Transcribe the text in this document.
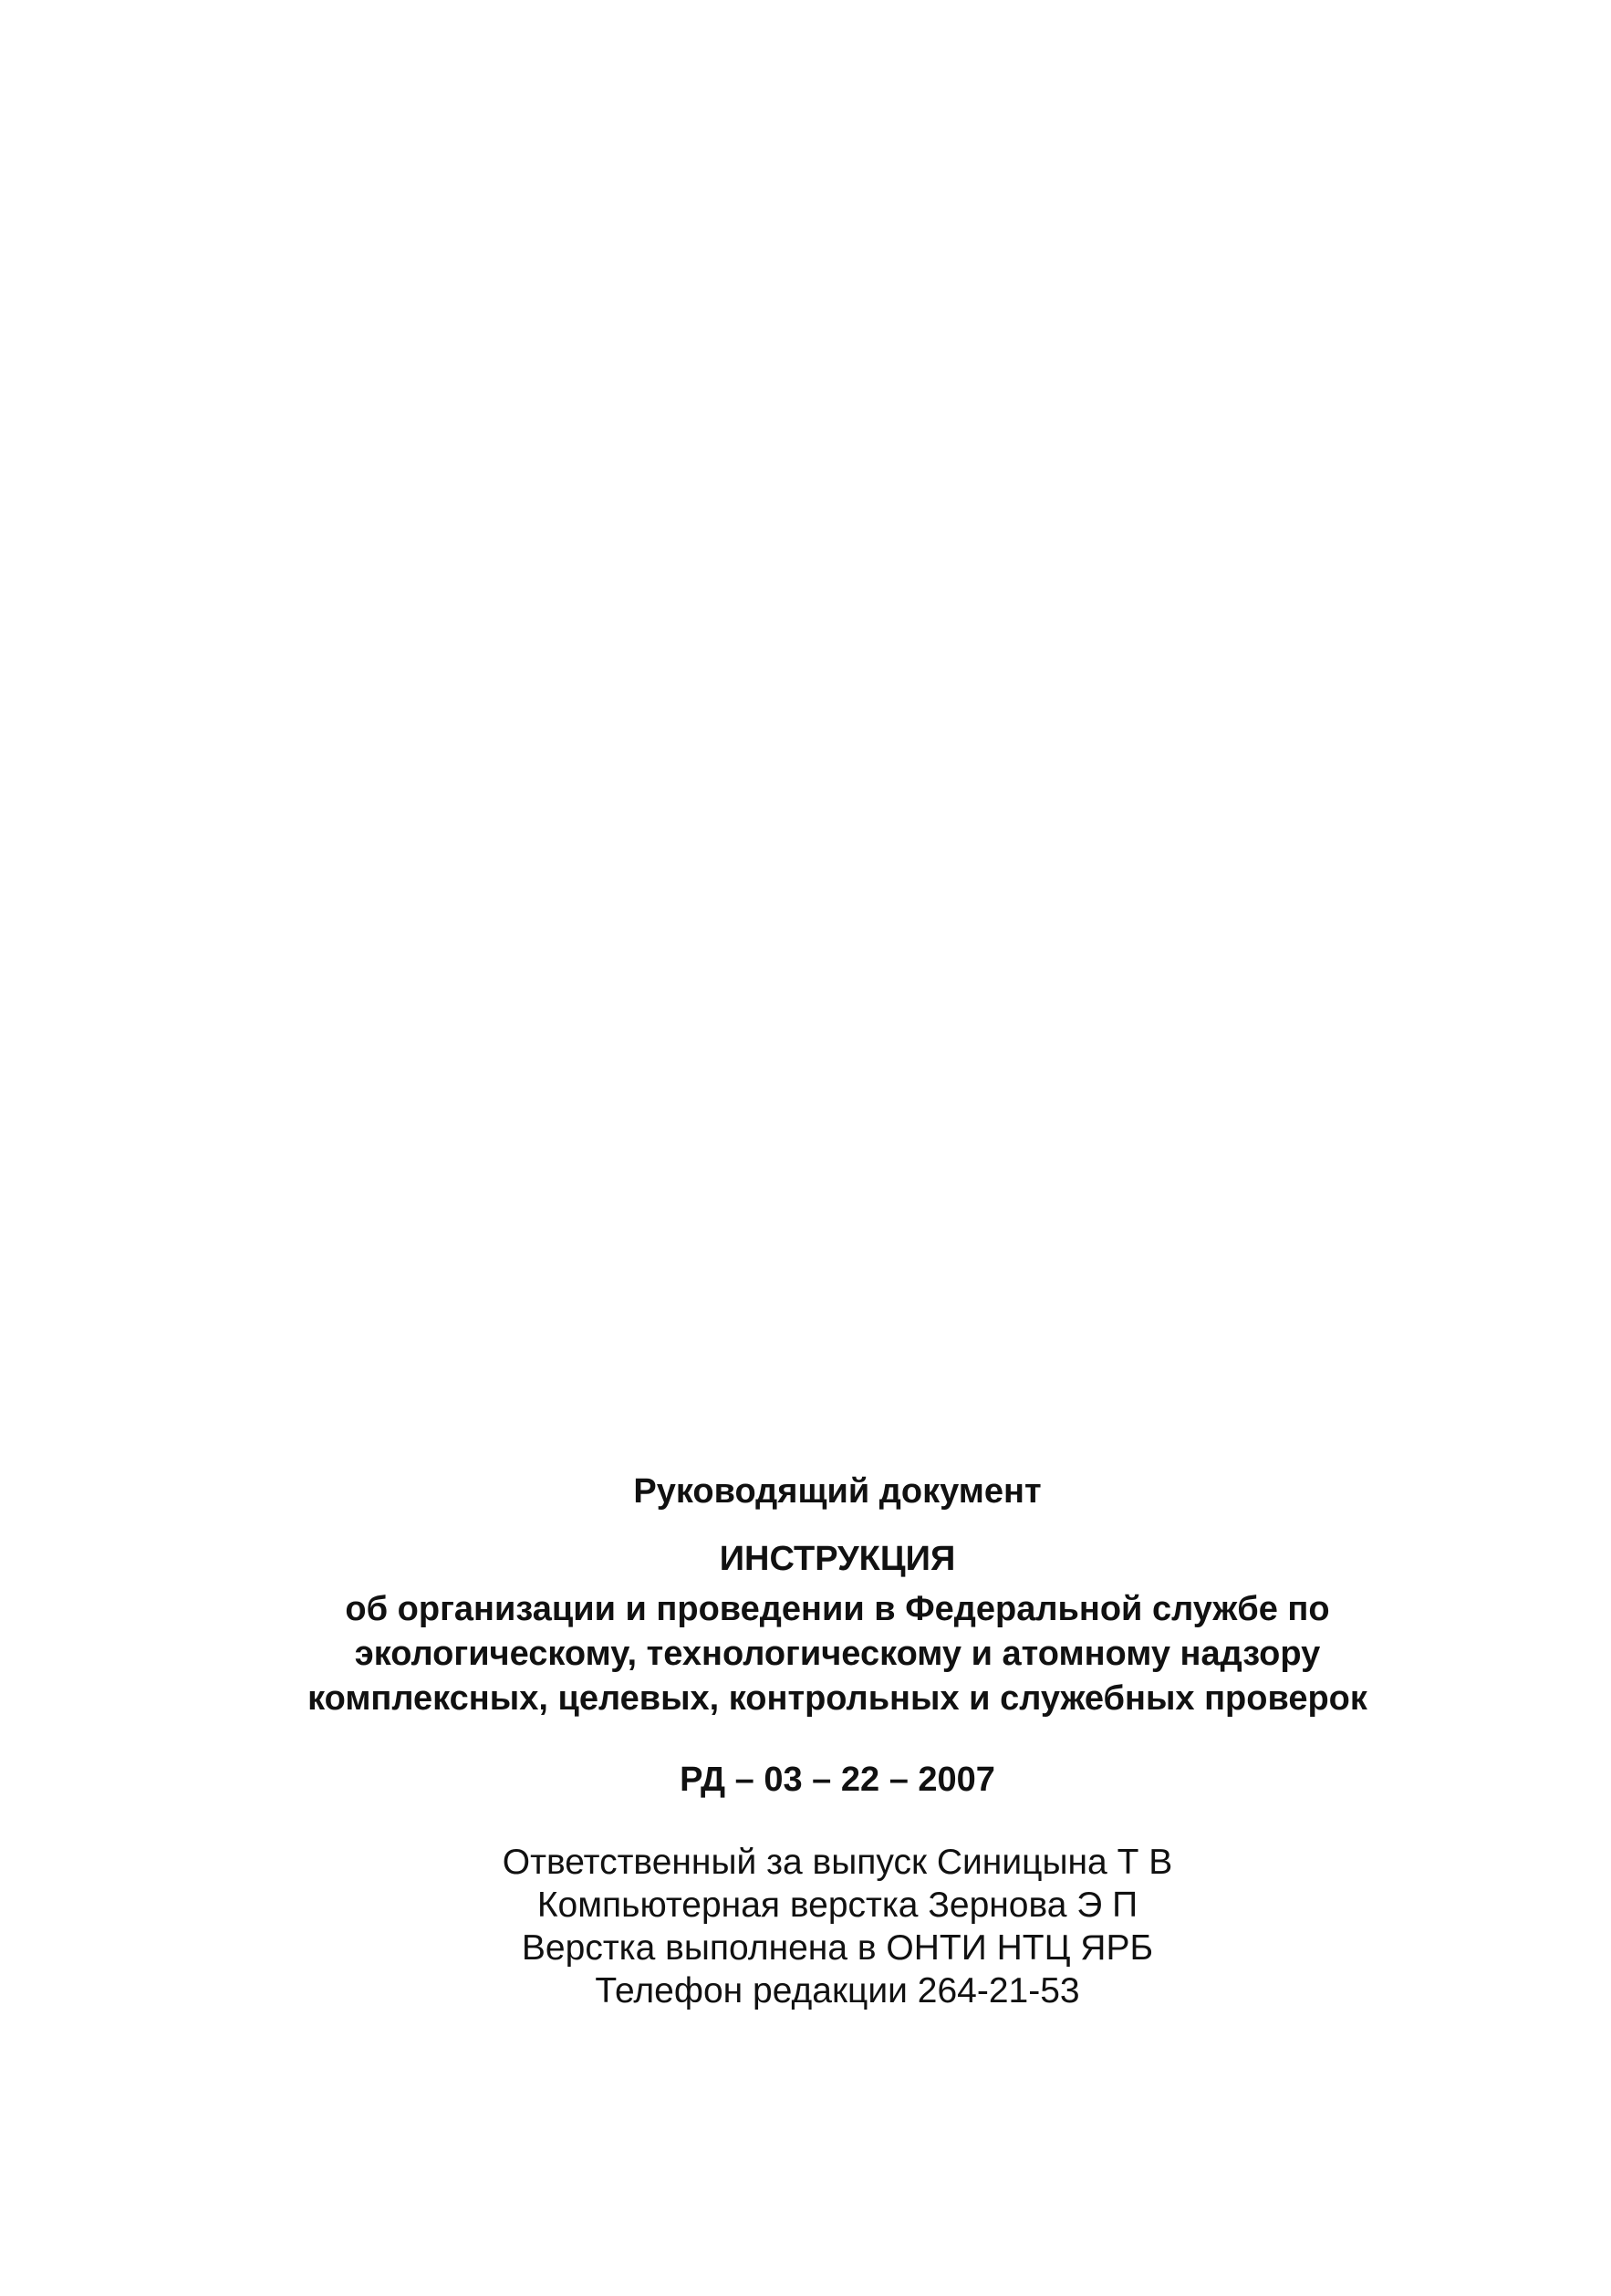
Руководящий документ
ИНСТРУКЦИЯ
об организации и проведении в Федеральной службе по
экологическому, технологическому и атомному надзору
комплексных, целевых, контрольных и служебных проверок
РД – 03 – 22 – 2007
Ответственный за выпуск Синицына Т В
Компьютерная верстка Зернова Э П
Верстка выполнена в ОНТИ НТЦ ЯРБ
Телефон редакции 264-21-53
